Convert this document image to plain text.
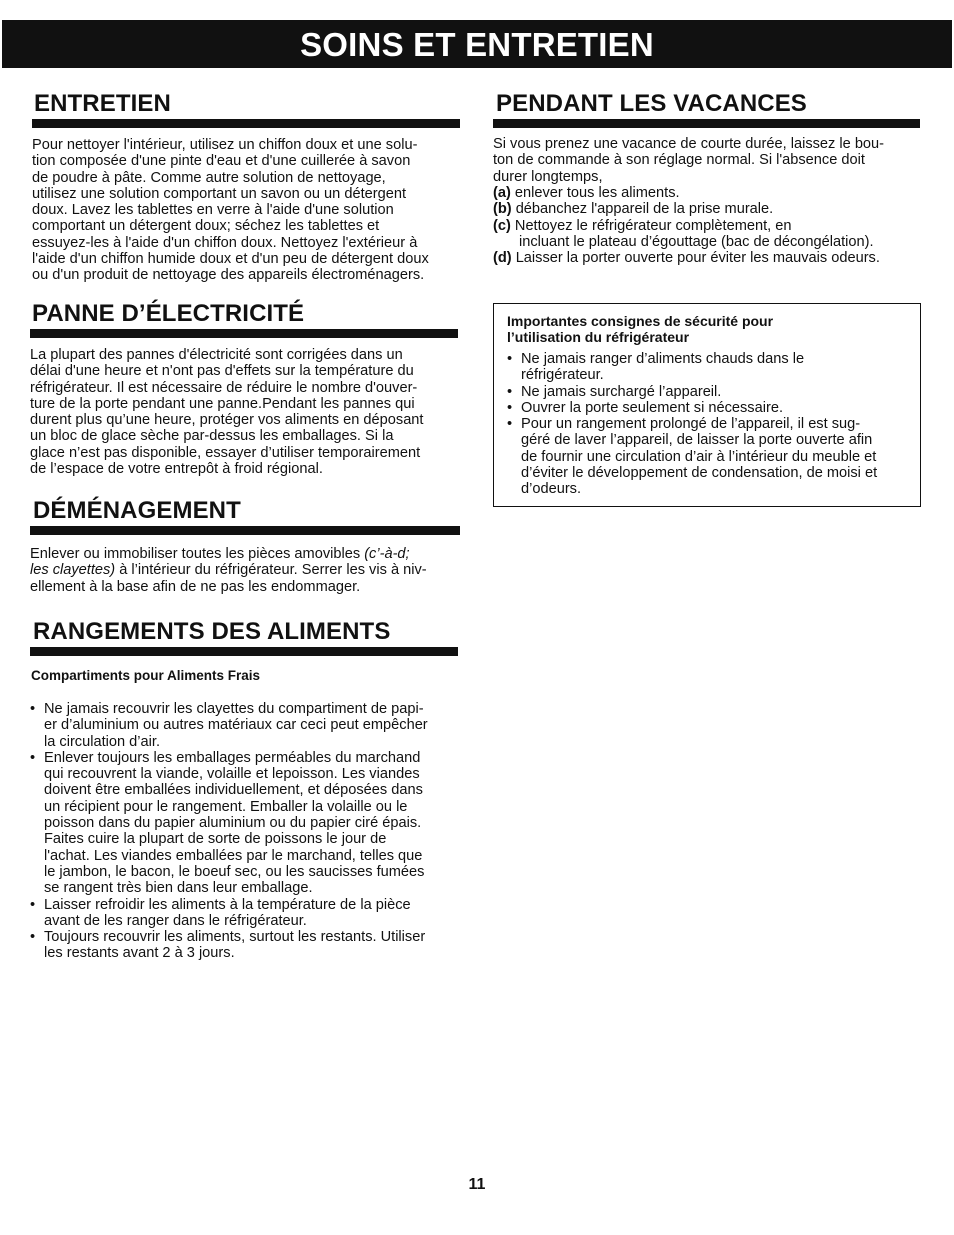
SOINS ET ENTRETIEN
ENTRETIEN
Pour nettoyer l'intérieur, utilisez un chiffon doux et une solu-
tion composée d'une pinte d'eau et d'une cuillerée à savon
de poudre à pâte. Comme autre solution de nettoyage,
utilisez une solution comportant un savon ou un détergent
doux. Lavez les tablettes en verre à l'aide d'une solution
comportant un détergent doux; séchez les tablettes et
essuyez-les à l'aide d'un chiffon doux. Nettoyez l'extérieur à
l'aide d'un chiffon humide doux et d'un peu de détergent doux
ou d'un produit de nettoyage des appareils électroménagers.
PANNE D’ÉLECTRICITÉ
La plupart des pannes d'électricité sont corrigées dans un
délai d'une heure et n'ont pas d'effets sur la température du
réfrigérateur. Il est nécessaire de réduire le nombre d'ouver-
ture de la porte pendant une panne.Pendant les pannes qui
durent plus qu’une heure, protéger vos aliments en déposant
un bloc de glace sèche par-dessus les emballages. Si la
glace n’est pas disponible, essayer d’utiliser temporairement
de l’espace de votre entrepôt à froid régional.
DÉMÉNAGEMENT
Enlever ou immobiliser toutes les pièces amovibles (c’-à-d;
les clayettes) à l’intérieur du réfrigérateur. Serrer les vis à niv-
ellement à la base afin de ne pas les endommager.
RANGEMENTS DES ALIMENTS
Compartiments pour Aliments Frais
• Ne jamais recouvrir les clayettes du compartiment de papi-
er d’aluminium ou autres matériaux car ceci peut empêcher
la circulation d’air.
• Enlever toujours les emballages perméables du marchand
qui recouvrent la viande, volaille et lepoisson. Les viandes
doivent être emballées individuellement, et déposées dans
un récipient pour le rangement. Emballer la volaille ou le
poisson dans du papier aluminium ou du papier ciré épais.
Faites cuire la plupart de sorte de poissons le jour de
l'achat. Les viandes emballées par le marchand, telles que
le jambon, le bacon, le boeuf sec, ou les saucisses fumées
se rangent très bien dans leur emballage.
• Laisser refroidir les aliments à la température de la pièce
avant de les ranger dans le réfrigérateur.
• Toujours recouvrir les aliments, surtout les restants. Utiliser
les restants avant 2 à 3 jours.
PENDANT LES VACANCES
Si vous prenez une vacance de courte durée, laissez le bou-
ton de commande à son réglage normal. Si l'absence doit
durer longtemps,
(a) enlever tous les aliments.
(b) débanchez l'appareil de la prise murale.
(c) Nettoyez le réfrigérateur complètement, en
incluant le plateau d’égouttage (bac de décongélation).
(d) Laisser la porter ouverte pour éviter les mauvais odeurs.
Importantes consignes de sécurité pour
l’utilisation du réfrigérateur
• Ne jamais ranger d’aliments chauds dans le
réfrigérateur.
• Ne jamais surchargé l’appareil.
• Ouvrer la porte seulement si nécessaire.
• Pour un rangement prolongé de l’appareil, il est sug-
géré de laver l’appareil, de laisser la porte ouverte afin
de fournir une circulation d’air à l’intérieur du meuble et
d’éviter le développement de condensation, de moisi et
d’odeurs.
11
